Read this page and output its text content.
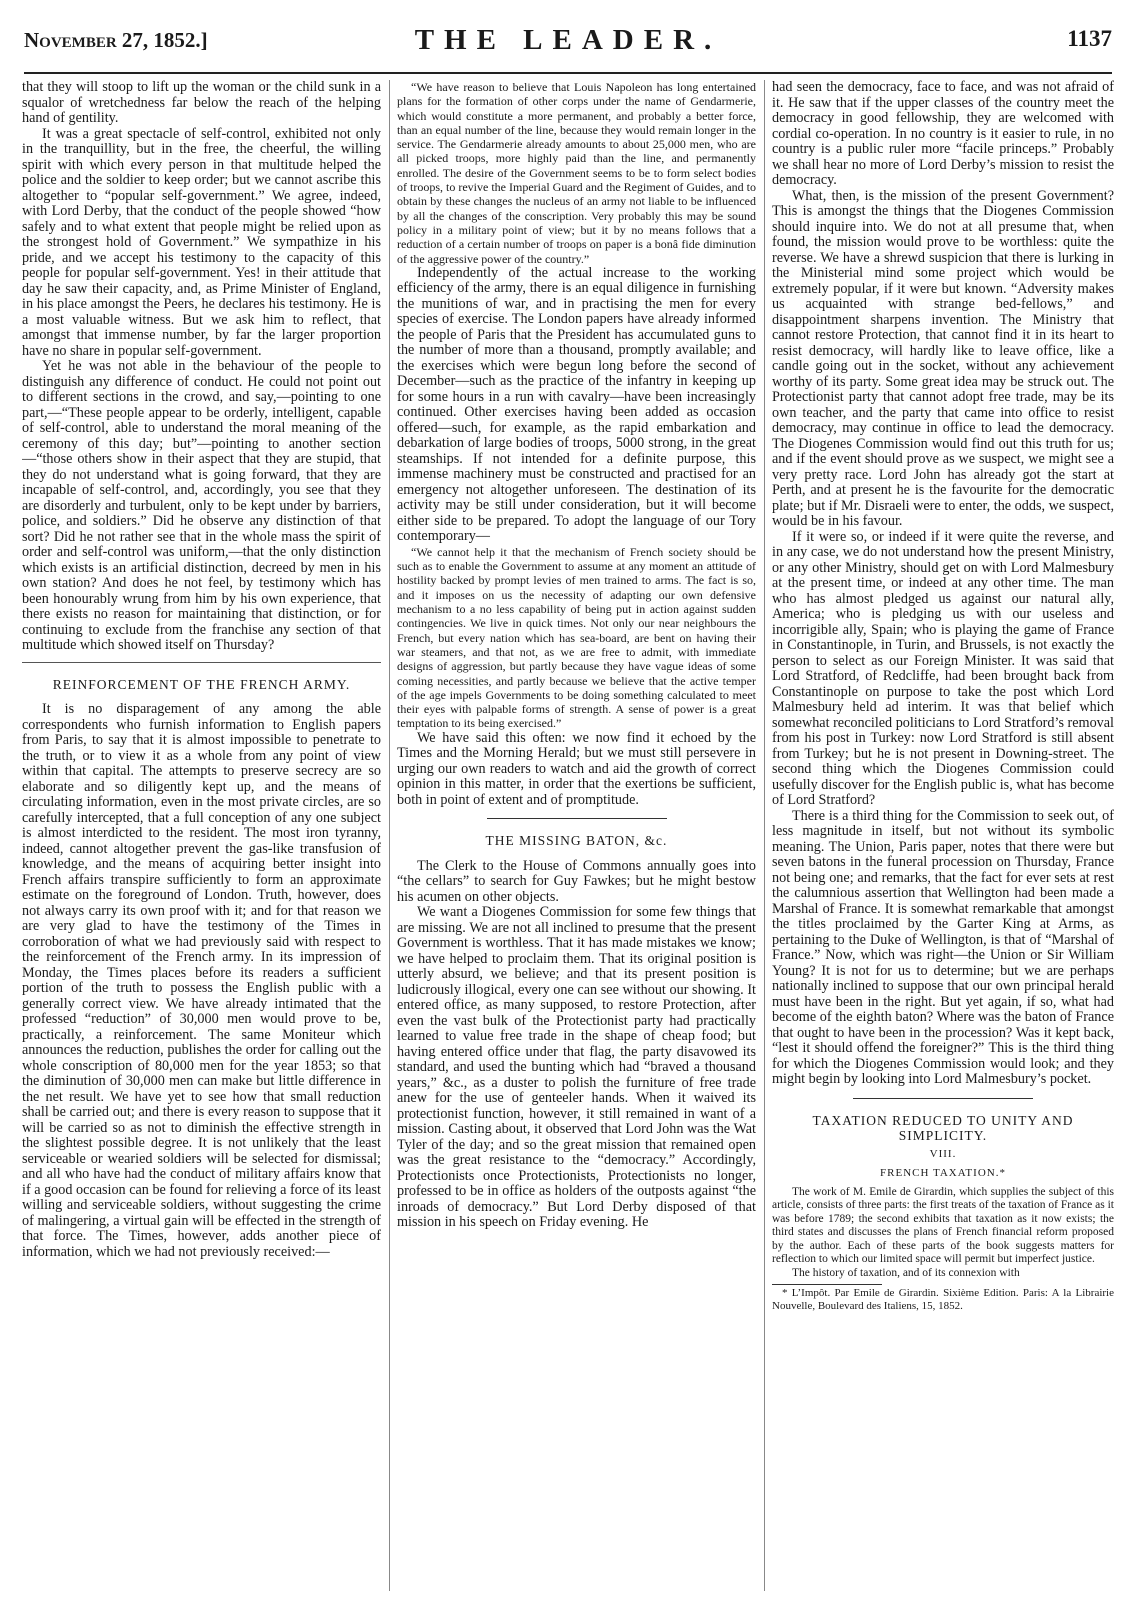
November 27, 1852.]	THE LEADER.	1137

that they will stoop to lift up the woman or the child sunk in a squalor of wretchedness far below the reach of the helping hand of gentility.

It was a great spectacle of self-control, exhibited not only in the tranquillity, but in the free, the cheerful, the willing spirit with which every person in that multitude helped the police and the soldier to keep order; but we cannot ascribe this altogether to “popular self-government.” We agree, indeed, with Lord Derby, that the conduct of the people showed “how safely and to what extent that people might be relied upon as the strongest hold of Government.” We sympathize in his pride, and we accept his testimony to the capacity of this people for popular self-government. Yes! in their attitude that day he saw their capacity, and, as Prime Minister of England, in his place amongst the Peers, he declares his testimony. He is a most valuable witness. But we ask him to reflect, that amongst that immense number, by far the larger proportion have no share in popular self-government.

Yet he was not able in the behaviour of the people to distinguish any difference of conduct. He could not point out to different sections in the crowd, and say,—pointing to one part,—“These people appear to be orderly, intelligent, capable of self-control, able to understand the moral meaning of the ceremony of this day; but”—pointing to another section—“those others show in their aspect that they are stupid, that they do not understand what is going forward, that they are incapable of self-control, and, accordingly, you see that they are disorderly and turbulent, only to be kept under by barriers, police, and soldiers.” Did he observe any distinction of that sort? Did he not rather see that in the whole mass the spirit of order and self-control was uniform,—that the only distinction which exists is an artificial distinction, decreed by men in his own station? And does he not feel, by testimony which has been honourably wrung from him by his own experience, that there exists no reason for maintaining that distinction, or for continuing to exclude from the franchise any section of that multitude which showed itself on Thursday?

REINFORCEMENT OF THE FRENCH ARMY.

It is no disparagement of any among the able correspondents who furnish information to English papers from Paris, to say that it is almost impossible to penetrate to the truth, or to view it as a whole from any point of view within that capital. The attempts to preserve secrecy are so elaborate and so diligently kept up, and the means of circulating information, even in the most private circles, are so carefully intercepted, that a full conception of any one subject is almost interdicted to the resident. The most iron tyranny, indeed, cannot altogether prevent the gas-like transfusion of knowledge, and the means of acquiring better insight into French affairs transpire sufficiently to form an approximate estimate on the foreground of London. Truth, however, does not always carry its own proof with it; and for that reason we are very glad to have the testimony of the Times in corroboration of what we had previously said with respect to the reinforcement of the French army. In its impression of Monday, the Times places before its readers a sufficient portion of the truth to possess the English public with a generally correct view. We have already intimated that the professed “reduction” of 30,000 men would prove to be, practically, a reinforcement. The same Moniteur which announces the reduction, publishes the order for calling out the whole conscription of 80,000 men for the year 1853; so that the diminution of 30,000 men can make but little difference in the net result. We have yet to see how that small reduction shall be carried out; and there is every reason to suppose that it will be carried so as not to diminish the effective strength in the slightest possible degree. It is not unlikely that the least serviceable or wearied soldiers will be selected for dismissal; and all who have had the conduct of military affairs know that if a good occasion can be found for relieving a force of its least willing and serviceable soldiers, without suggesting the crime of malingering, a virtual gain will be effected in the strength of that force. The Times, however, adds another piece of information, which we had not previously received:—

“We have reason to believe that Louis Napoleon has long entertained plans for the formation of other corps under the name of Gendarmerie, which would constitute a more permanent, and probably a better force, than an equal number of the line, because they would remain longer in the service. The Gendarmerie already amounts to about 25,000 men, who are all picked troops, more highly paid than the line, and permanently enrolled. The desire of the Government seems to be to form select bodies of troops, to revive the Imperial Guard and the Regiment of Guides, and to obtain by these changes the nucleus of an army not liable to be influenced by all the changes of the conscription. Very probably this may be sound policy in a military point of view; but it by no means follows that a reduction of a certain number of troops on paper is a bonâ fide diminution of the aggressive power of the country.”

Independently of the actual increase to the working efficiency of the army, there is an equal diligence in furnishing the munitions of war, and in practising the men for every species of exercise. The London papers have already informed the people of Paris that the President has accumulated guns to the number of more than a thousand, promptly available; and the exercises which were begun long before the second of December—such as the practice of the infantry in keeping up for some hours in a run with cavalry—have been increasingly continued. Other exercises having been added as occasion offered—such, for example, as the rapid embarkation and debarkation of large bodies of troops, 5000 strong, in the great steamships. If not intended for a definite purpose, this immense machinery must be constructed and practised for an emergency not altogether unforeseen. The destination of its activity may be still under consideration, but it will become either side to be prepared. To adopt the language of our Tory contemporary—

“We cannot help it that the mechanism of French society should be such as to enable the Government to assume at any moment an attitude of hostility backed by prompt levies of men trained to arms. The fact is so, and it imposes on us the necessity of adapting our own defensive mechanism to a no less capability of being put in action against sudden contingencies. We live in quick times. Not only our near neighbours the French, but every nation which has sea-board, are bent on having their war steamers, and that not, as we are free to admit, with immediate designs of aggression, but partly because they have vague ideas of some coming necessities, and partly because we believe that the active temper of the age impels Governments to be doing something calculated to meet their eyes with palpable forms of strength. A sense of power is a great temptation to its being exercised.”

We have said this often: we now find it echoed by the Times and the Morning Herald; but we must still persevere in urging our own readers to watch and aid the growth of correct opinion in this matter, in order that the exertions be sufficient, both in point of extent and of promptitude.

THE MISSING BATON, &c.

The Clerk to the House of Commons annually goes into “the cellars” to search for Guy Fawkes; but he might bestow his acumen on other objects.

We want a Diogenes Commission for some few things that are missing. We are not all inclined to presume that the present Government is worthless. That it has made mistakes we know; we have helped to proclaim them. That its original position is utterly absurd, we believe; and that its present position is ludicrously illogical, every one can see without our showing. It entered office, as many supposed, to restore Protection, after even the vast bulk of the Protectionist party had practically learned to value free trade in the shape of cheap food; but having entered office under that flag, the party disavowed its standard, and used the bunting which had “braved a thousand years,” &c., as a duster to polish the furniture of free trade anew for the use of genteeler hands. When it waived its protectionist function, however, it still remained in want of a mission. Casting about, it observed that Lord John was the Wat Tyler of the day; and so the great mission that remained open was the great resistance to the “democracy.” Accordingly, Protectionists once Protectionists, Protectionists no longer, professed to be in office as holders of the outposts against “the inroads of democracy.” But Lord Derby disposed of that mission in his speech on Friday evening. He

had seen the democracy, face to face, and was not afraid of it. He saw that if the upper classes of the country meet the democracy in good fellowship, they are welcomed with cordial co-operation. In no country is it easier to rule, in no country is a public ruler more “facile princeps.” Probably we shall hear no more of Lord Derby’s mission to resist the democracy.

What, then, is the mission of the present Government? This is amongst the things that the Diogenes Commission should inquire into. We do not at all presume that, when found, the mission would prove to be worthless: quite the reverse. We have a shrewd suspicion that there is lurking in the Ministerial mind some project which would be extremely popular, if it were but known. “Adversity makes us acquainted with strange bed-fellows,” and disappointment sharpens invention. The Ministry that cannot restore Protection, that cannot find it in its heart to resist democracy, will hardly like to leave office, like a candle going out in the socket, without any achievement worthy of its party. Some great idea may be struck out. The Protectionist party that cannot adopt free trade, may be its own teacher, and the party that came into office to resist democracy, may continue in office to lead the democracy. The Diogenes Commission would find out this truth for us; and if the event should prove as we suspect, we might see a very pretty race. Lord John has already got the start at Perth, and at present he is the favourite for the democratic plate; but if Mr. Disraeli were to enter, the odds, we suspect, would be in his favour.

If it were so, or indeed if it were quite the reverse, and in any case, we do not understand how the present Ministry, or any other Ministry, should get on with Lord Malmesbury at the present time, or indeed at any other time. The man who has almost pledged us against our natural ally, America; who is pledging us with our useless and incorrigible ally, Spain; who is playing the game of France in Constantinople, in Turin, and Brussels, is not exactly the person to select as our Foreign Minister. It was said that Lord Stratford, of Redcliffe, had been brought back from Constantinople on purpose to take the post which Lord Malmesbury held ad interim. It was that belief which somewhat reconciled politicians to Lord Stratford’s removal from his post in Turkey: now Lord Stratford is still absent from Turkey; but he is not present in Downing-street. The second thing which the Diogenes Commission could usefully discover for the English public is, what has become of Lord Stratford?

There is a third thing for the Commission to seek out, of less magnitude in itself, but not without its symbolic meaning. The Union, Paris paper, notes that there were but seven batons in the funeral procession on Thursday, France not being one; and remarks, that the fact for ever sets at rest the calumnious assertion that Wellington had been made a Marshal of France. It is somewhat remarkable that amongst the titles proclaimed by the Garter King at Arms, as pertaining to the Duke of Wellington, is that of “Marshal of France.” Now, which was right—the Union or Sir William Young? It is not for us to determine; but we are perhaps nationally inclined to suppose that our own principal herald must have been in the right. But yet again, if so, what had become of the eighth baton? Where was the baton of France that ought to have been in the procession? Was it kept back, “lest it should offend the foreigner?” This is the third thing for which the Diogenes Commission would look; and they might begin by looking into Lord Malmesbury’s pocket.

TAXATION REDUCED TO UNITY AND SIMPLICITY.

VIII.

FRENCH TAXATION.*

The work of M. Emile de Girardin, which supplies the subject of this article, consists of three parts: the first treats of the taxation of France as it was before 1789; the second exhibits that taxation as it now exists; the third states and discusses the plans of French financial reform proposed by the author. Each of these parts of the book suggests matters for reflection to which our limited space will permit but imperfect justice.

The history of taxation, and of its connexion with

* L’Impôt. Par Emile de Girardin. Sixième Edition. Paris: A la Librairie Nouvelle, Boulevard des Italiens, 15, 1852.
